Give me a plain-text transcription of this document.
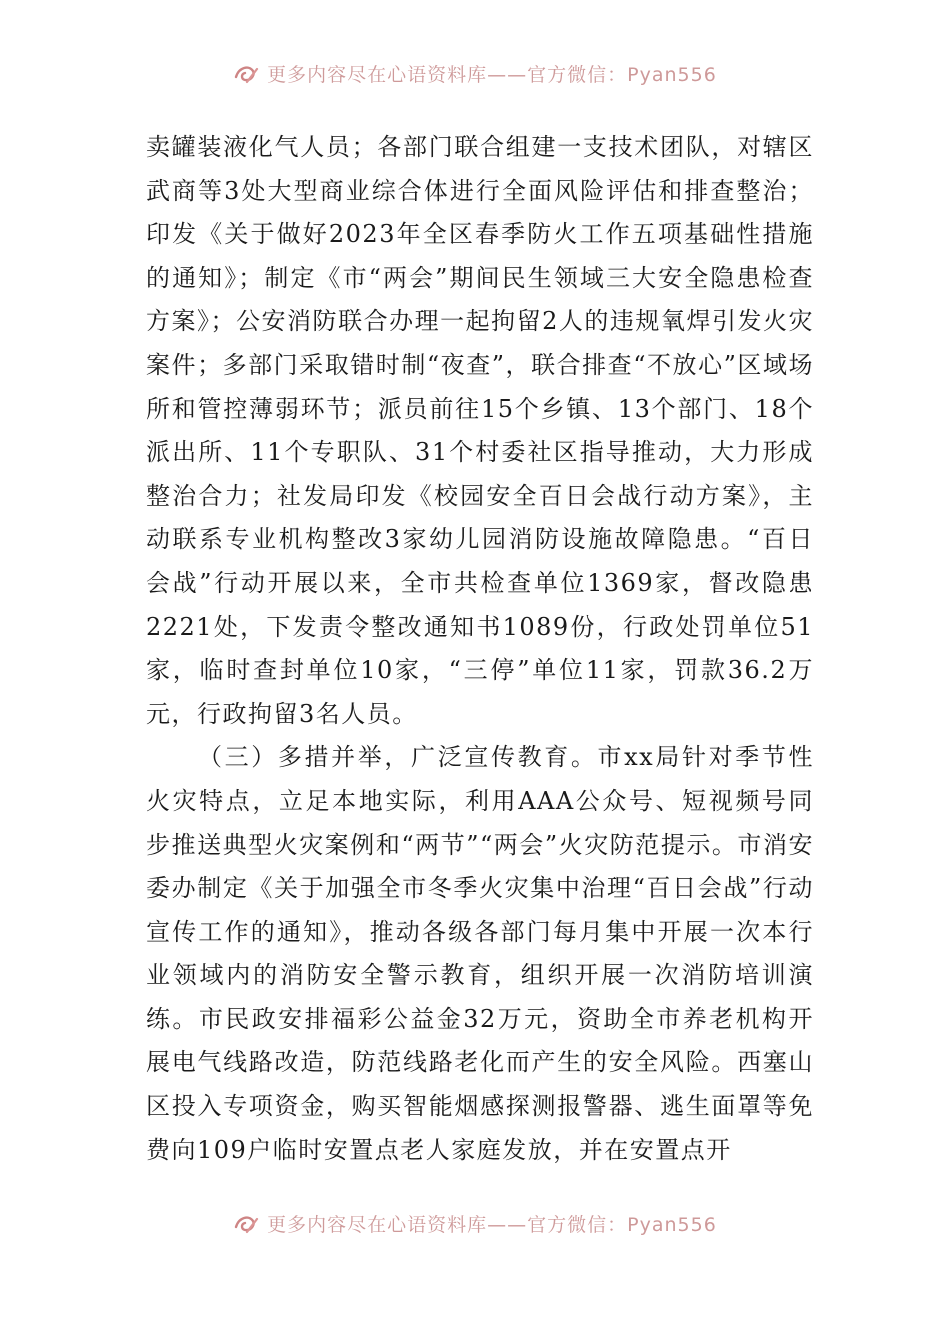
更多内容尽在心语资料库——官方微信：Pyan556

卖罐装液化气人员；各部门联合组建一支技术团队，对辖区武商等3处大型商业综合体进行全面风险评估和排查整治；印发《关于做好2023年全区春季防火工作五项基础性措施的通知》；制定《市“两会”期间民生领域三大安全隐患检查方案》；公安消防联合办理一起拘留2人的违规氧焊引发火灾案件；多部门采取错时制“夜查”，联合排查“不放心”区域场所和管控薄弱环节；派员前往15个乡镇、13个部门、18个派出所、11个专职队、31个村委社区指导推动，大力形成整治合力；社发局印发《校园安全百日会战行动方案》，主动联系专业机构整改3家幼儿园消防设施故障隐患。“百日会战”行动开展以来，全市共检查单位1369家，督改隐患2221处，下发责令整改通知书1089份，行政处罚单位51家，临时查封单位10家，“三停”单位11家，罚款36.2万元，行政拘留3名人员。

（三）多措并举，广泛宣传教育。市xx局针对季节性火灾特点，立足本地实际，利用AAA公众号、短视频号同步推送典型火灾案例和“两节”“两会”火灾防范提示。市消安委办制定《关于加强全市冬季火灾集中治理“百日会战”行动宣传工作的通知》，推动各级各部门每月集中开展一次本行业领域内的消防安全警示教育，组织开展一次消防培训演练。市民政安排福彩公益金32万元，资助全市养老机构开展电气线路改造，防范线路老化而产生的安全风险。西塞山区投入专项资金，购买智能烟感探测报警器、逃生面罩等免费向109户临时安置点老人家庭发放，并在安置点开

更多内容尽在心语资料库——官方微信：Pyan556
